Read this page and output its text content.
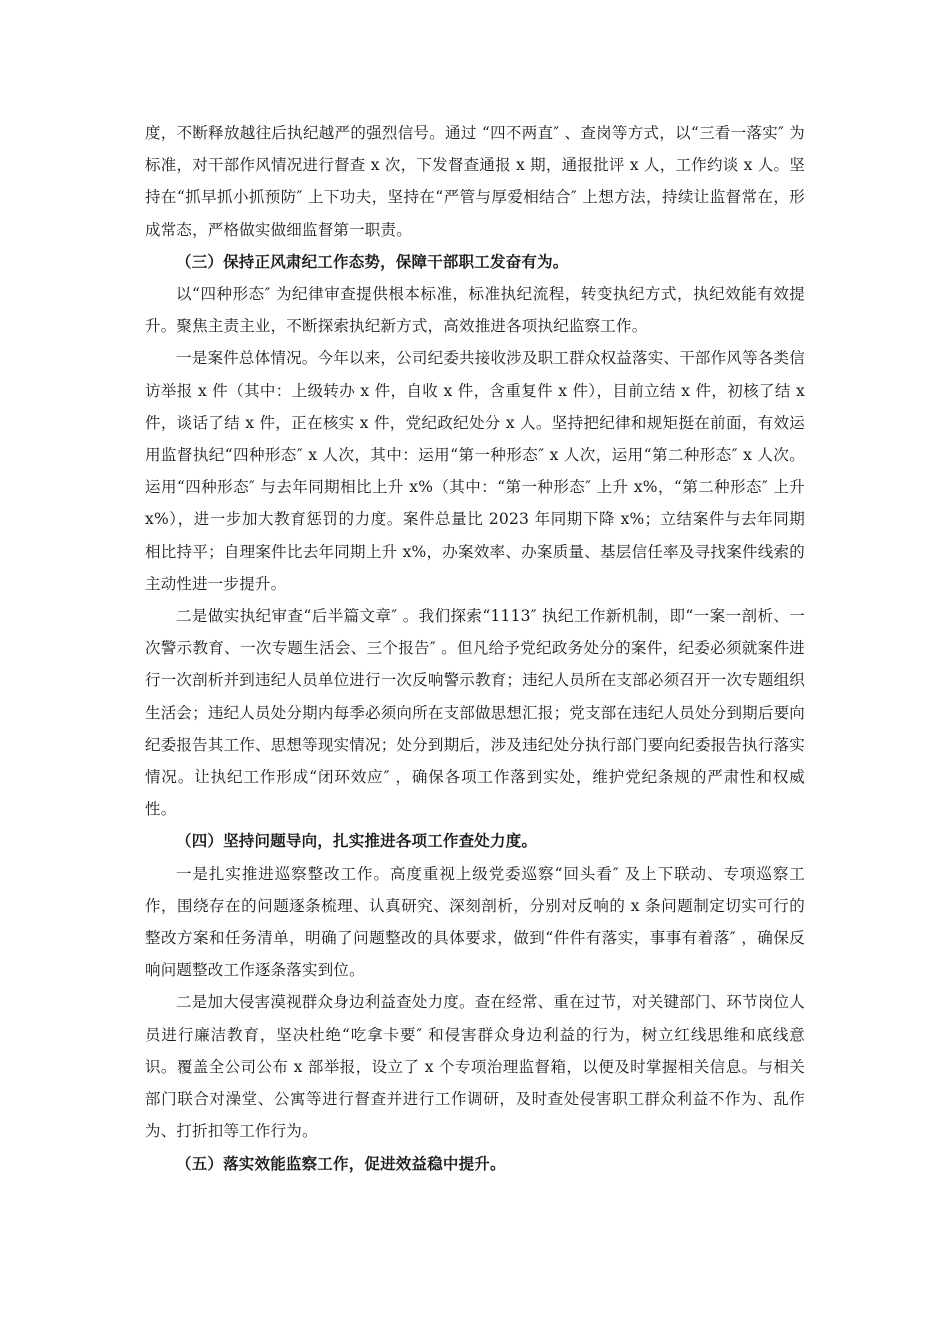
度，不断释放越往后执纪越严的强烈信号。通过 “四不两直″ 、查岗等方式，以“三看一落实″ 为标准，对干部作风情况进行督查 x 次，下发督查通报 x 期，通报批评 x 人，工作约谈 x 人。坚持在“抓早抓小抓预防″ 上下功夫，坚持在“严管与厚爱相结合″ 上想方法，持续让监督常在，形成常态，严格做实做细监督第一职责。

（三）保持正风肃纪工作态势，保障干部职工发奋有为。

以“四种形态″ 为纪律审查提供根本标准，标准执纪流程，转变执纪方式，执纪效能有效提升。聚焦主责主业，不断探索执纪新方式，高效推进各项执纪监察工作。

一是案件总体情况。今年以来，公司纪委共接收涉及职工群众权益落实、干部作风等各类信访举报 x 件（其中：上级转办 x 件，自收 x 件，含重复件 x 件），目前立结 x 件，初核了结 x 件，谈话了结 x 件，正在核实 x 件，党纪政纪处分 x 人。坚持把纪律和规矩挺在前面，有效运用监督执纪“四种形态″ x 人次，其中：运用“第一种形态″ x 人次，运用“第二种形态″ x 人次。运用“四种形态″ 与去年同期相比上升 x%（其中：“第一种形态″ 上升 x%，“第二种形态″ 上升 x%），进一步加大教育惩罚的力度。案件总量比 2023 年同期下降 x%；立结案件与去年同期相比持平；自理案件比去年同期上升 x%，办案效率、办案质量、基层信任率及寻找案件线索的主动性进一步提升。

二是做实执纪审查“后半篇文章″ 。我们探索“1113″ 执纪工作新机制，即“一案一剖析、一次警示教育、一次专题生活会、三个报告″ 。但凡给予党纪政务处分的案件，纪委必须就案件进行一次剖析并到违纪人员单位进行一次反响警示教育；违纪人员所在支部必须召开一次专题组织生活会；违纪人员处分期内每季必须向所在支部做思想汇报；党支部在违纪人员处分到期后要向纪委报告其工作、思想等现实情况；处分到期后，涉及违纪处分执行部门要向纪委报告执行落实情况。让执纪工作形成“闭环效应″ ，确保各项工作落到实处，维护党纪条规的严肃性和权威性。

（四）坚持问题导向，扎实推进各项工作查处力度。

一是扎实推进巡察整改工作。高度重视上级党委巡察“回头看″ 及上下联动、专项巡察工作，围绕存在的问题逐条梳理、认真研究、深刻剖析，分别对反响的 x 条问题制定切实可行的整改方案和任务清单，明确了问题整改的具体要求，做到“件件有落实，事事有着落″ ，确保反响问题整改工作逐条落实到位。

二是加大侵害漠视群众身边利益查处力度。查在经常、重在过节，对关键部门、环节岗位人员进行廉洁教育，坚决杜绝“吃拿卡要″ 和侵害群众身边利益的行为，树立红线思维和底线意识。覆盖全公司公布 x 部举报，设立了 x 个专项治理监督箱，以便及时掌握相关信息。与相关部门联合对澡堂、公寓等进行督查并进行工作调研，及时查处侵害职工群众利益不作为、乱作为、打折扣等工作行为。

（五）落实效能监察工作，促进效益稳中提升。
